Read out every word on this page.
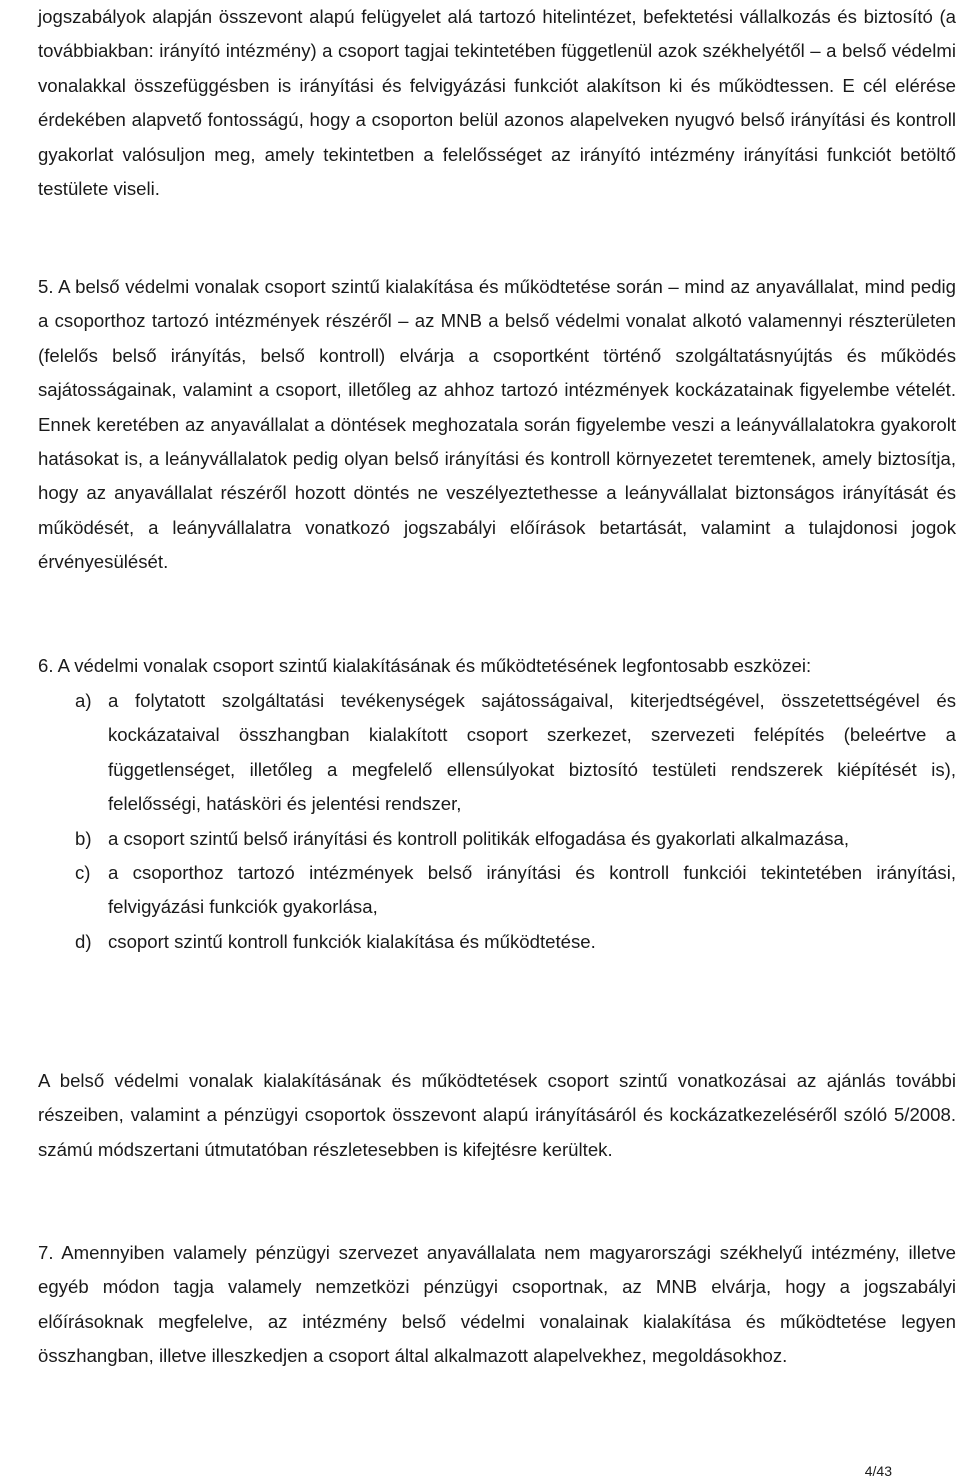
jogszabályok alapján összevont alapú felügyelet alá tartozó hitelintézet, befektetési vállalkozás és biztosító (a továbbiakban: irányító intézmény) a csoport tagjai tekintetében függetlenül azok székhelyétől – a belső védelmi vonalakkal összefüggésben is irányítási és felvigyázási funkciót alakítson ki és működtessen. E cél elérése érdekében alapvető fontosságú, hogy a csoporton belül azonos alapelveken nyugvó belső irányítási és kontroll gyakorlat valósuljon meg, amely tekintetben a felelősséget az irányító intézmény irányítási funkciót betöltő testülete viseli.

5. A belső védelmi vonalak csoport szintű kialakítása és működtetése során – mind az anyavállalat, mind pedig a csoporthoz tartozó intézmények részéről – az MNB a belső védelmi vonalat alkotó valamennyi részterületen (felelős belső irányítás, belső kontroll) elvárja a csoportként történő szolgáltatásnyújtás és működés sajátosságainak, valamint a csoport, illetőleg az ahhoz tartozó intézmények kockázatainak figyelembe vételét. Ennek keretében az anyavállalat a döntések meghozatala során figyelembe veszi a leányvállalatokra gyakorolt hatásokat is, a leányvállalatok pedig olyan belső irányítási és kontroll környezetet teremtenek, amely biztosítja, hogy az anyavállalat részéről hozott döntés ne veszélyeztethesse a leányvállalat biztonságos irányítását és működését, a leányvállalatra vonatkozó jogszabályi előírások betartását, valamint a tulajdonosi jogok érvényesülését.

6. A védelmi vonalak csoport szintű kialakításának és működtetésének legfontosabb eszközei:

a) a folytatott szolgáltatási tevékenységek sajátosságaival, kiterjedtségével, összetettségével és kockázataival összhangban kialakított csoport szerkezet, szervezeti felépítés (beleértve a függetlenséget, illetőleg a megfelelő ellensúlyokat biztosító testületi rendszerek kiépítését is), felelősségi, hatásköri és jelentési rendszer,
b) a csoport szintű belső irányítási és kontroll politikák elfogadása és gyakorlati alkalmazása,
c) a csoporthoz tartozó intézmények belső irányítási és kontroll funkciói tekintetében irányítási, felvigyázási funkciók gyakorlása,
d) csoport szintű kontroll funkciók kialakítása és működtetése.

A belső védelmi vonalak kialakításának és működtetések csoport szintű vonatkozásai az ajánlás további részeiben, valamint a pénzügyi csoportok összevont alapú irányításáról és kockázatkezeléséről szóló 5/2008. számú módszertani útmutatóban részletesebben is kifejtésre kerültek.

7. Amennyiben valamely pénzügyi szervezet anyavállalata nem magyarországi székhelyű intézmény, illetve egyéb módon tagja valamely nemzetközi pénzügyi csoportnak, az MNB elvárja, hogy a jogszabályi előírásoknak megfelelve, az intézmény belső védelmi vonalainak kialakítása és működtetése legyen összhangban, illetve illeszkedjen a csoport által alkalmazott alapelvekhez, megoldásokhoz.

4/43
